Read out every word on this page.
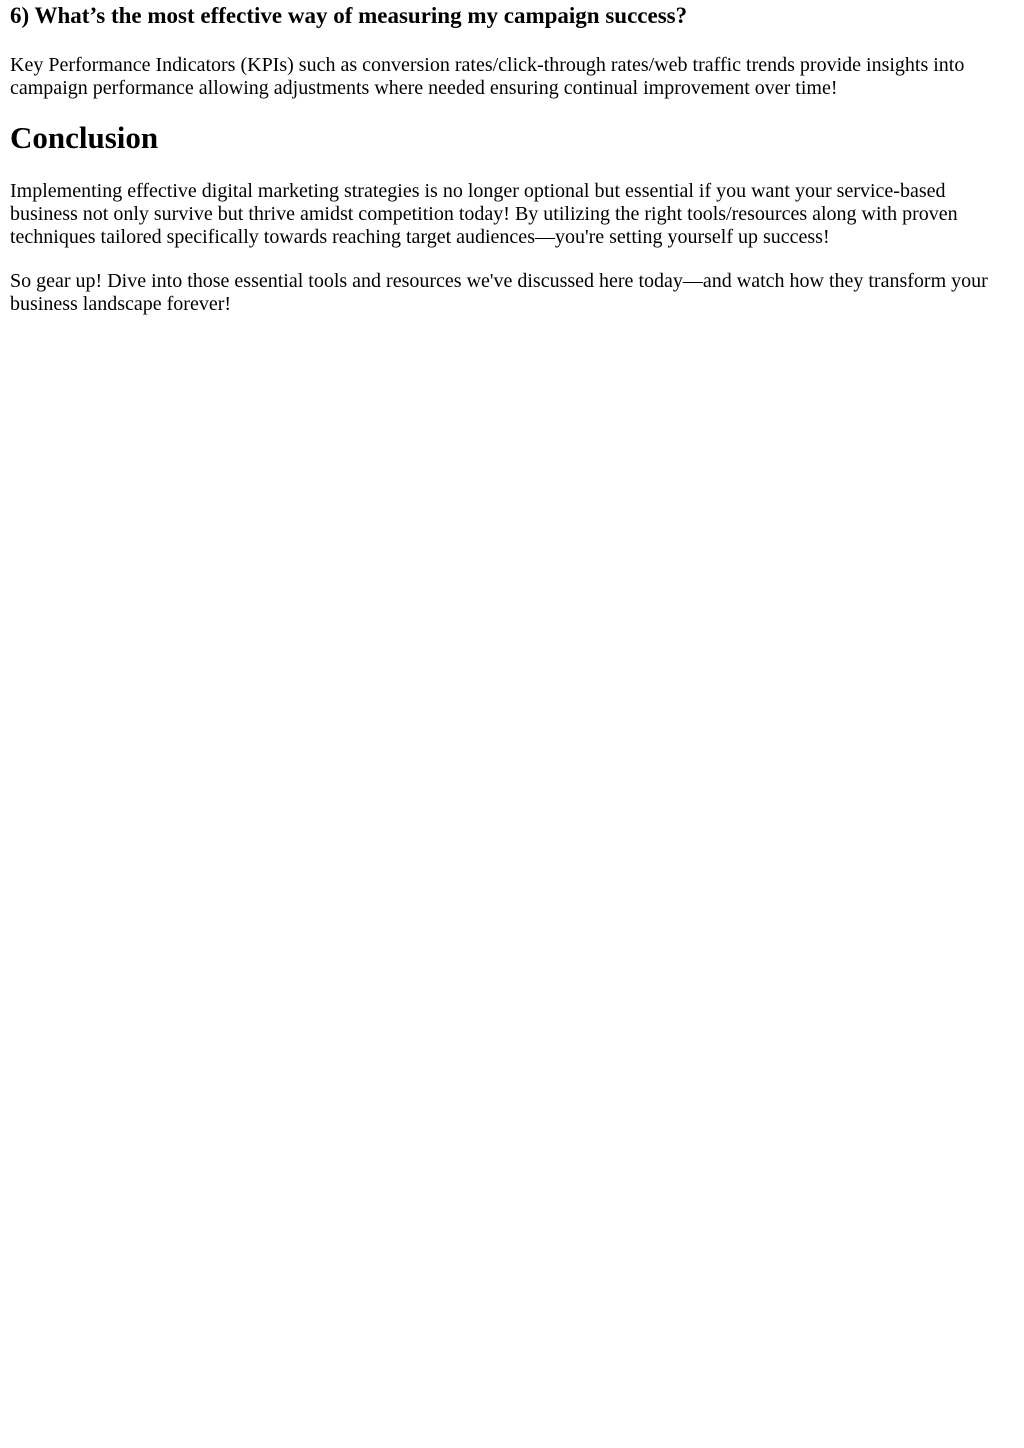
6) What’s the most effective way of measuring my campaign success?

Key Performance Indicators (KPIs) such as conversion rates/click-through rates/web traffic trends provide insights into campaign performance allowing adjustments where needed ensuring continual improvement over time!

Conclusion

Implementing effective digital marketing strategies is no longer optional but essential if you want your service-based business not only survive but thrive amidst competition today! By utilizing the right tools/resources along with proven techniques tailored specifically towards reaching target audiences—you're setting yourself up success!

So gear up! Dive into those essential tools and resources we've discussed here today—and watch how they transform your business landscape forever!
